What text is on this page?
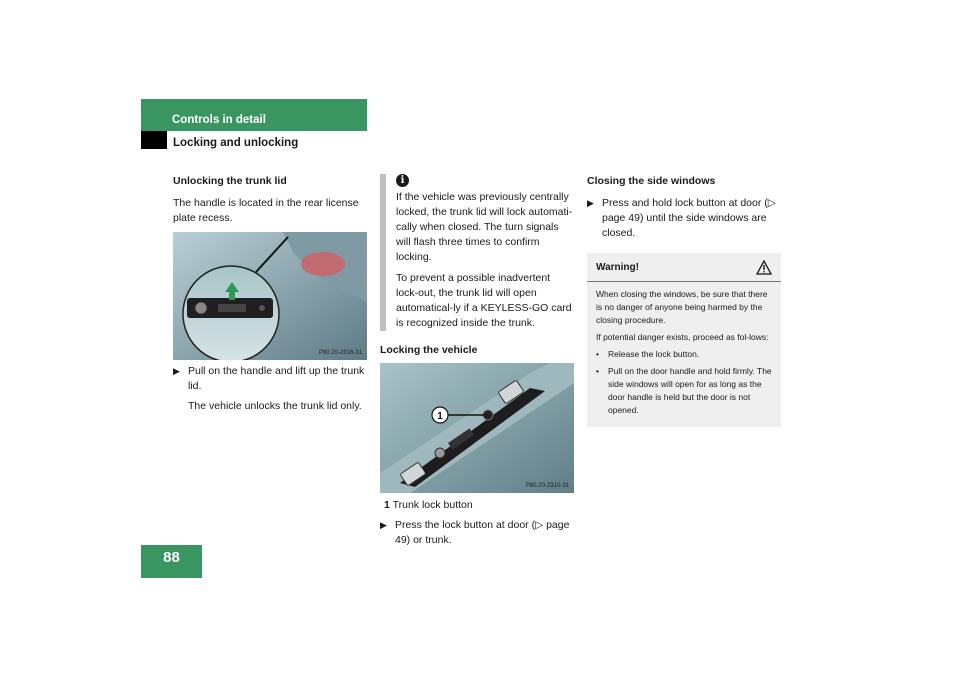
Controls in detail
Locking and unlocking

Unlocking the trunk lid

The handle is located in the rear license plate recess.

P80.20-2316-31
▶ Pull on the handle and lift up the trunk lid.

The vehicle unlocks the trunk lid only.

i

If the vehicle was previously centrally locked, the trunk lid will lock automati-cally when closed. The turn signals will flash three times to confirm locking.

To prevent a possible inadvertent lock-out, the trunk lid will open automatical-ly if a KEYLESS-GO card is recognized inside the trunk.

Locking the vehicle

1
P80.20-2310-31

1 Trunk lock button

▶ Press the lock button at door (▷ page 49) or trunk.

Closing the side windows

▶ Press and hold lock button at door (▷ page 49) until the side windows are closed.
Warning!

When closing the windows, be sure that there is no danger of anyone being harmed by the closing procedure.

If potential danger exists, proceed as fol-lows:

• Release the lock button.
• Pull on the door handle and hold firmly. The side windows will open for as long as the door handle is held but the door is not opened.
88
